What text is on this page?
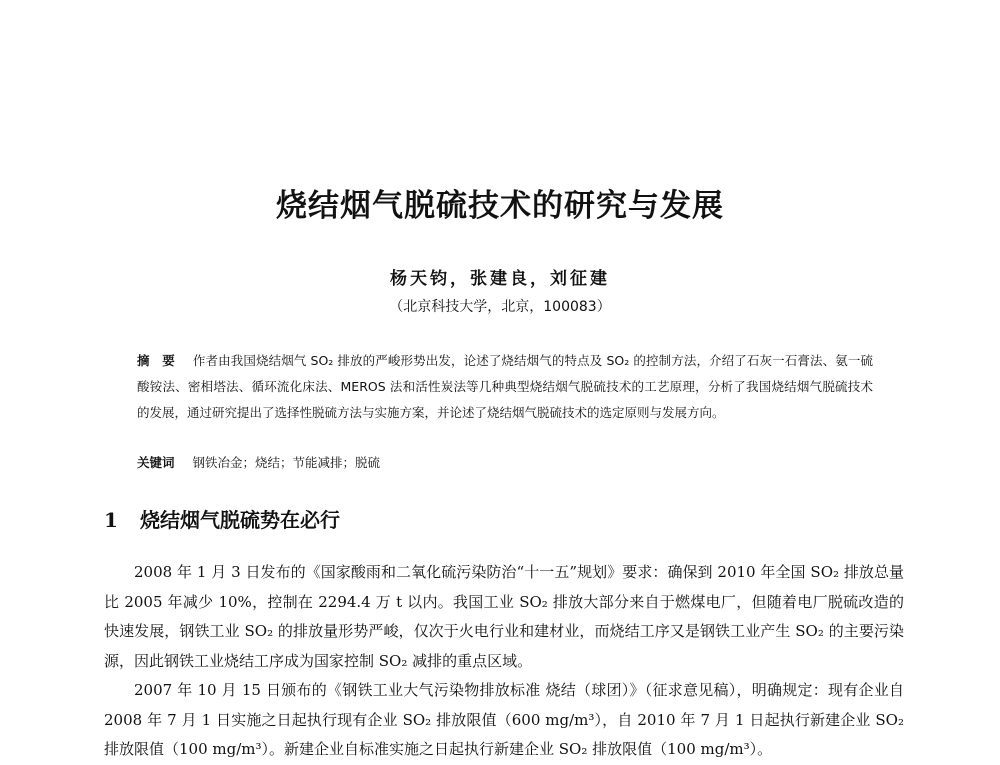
烧结烟气脱硫技术的研究与发展
杨天钧，张建良，刘征建
（北京科技大学，北京，100083）
摘　要 作者由我国烧结烟气 SO₂ 排放的严峻形势出发，论述了烧结烟气的特点及 SO₂ 的控制方法，介绍了石灰一石膏法、氨一硫酸铵法、密相塔法、循环流化床法、MEROS 法和活性炭法等几种典型烧结烟气脱硫技术的工艺原理，分析了我国烧结烟气脱硫技术的发展，通过研究提出了选择性脱硫方法与实施方案，并论述了烧结烟气脱硫技术的选定原则与发展方向。
关键词 钢铁冶金；烧结；节能减排；脱硫
1 烧结烟气脱硫势在必行

2008 年 1 月 3 日发布的《国家酸雨和二氧化硫污染防治“十一五”规划》要求：确保到 2010 年全国 SO₂ 排放总量比 2005 年减少 10%，控制在 2294.4 万 t 以内。我国工业 SO₂ 排放大部分来自于燃煤电厂，但随着电厂脱硫改造的快速发展，钢铁工业 SO₂ 的排放量形势严峻，仅次于火电行业和建材业，而烧结工序又是钢铁工业产生 SO₂ 的主要污染源，因此钢铁工业烧结工序成为国家控制 SO₂ 减排的重点区域。

2007 年 10 月 15 日颁布的《钢铁工业大气污染物排放标准 烧结（球团）》（征求意见稿），明确规定：现有企业自 2008 年 7 月 1 日实施之日起执行现有企业 SO₂ 排放限值（600 mg/m³），自 2010 年 7 月 1 日起执行新建企业 SO₂ 排放限值（100 mg/m³）。新建企业自标准实施之日起执行新建企业 SO₂ 排放限值（100 mg/m³）。
